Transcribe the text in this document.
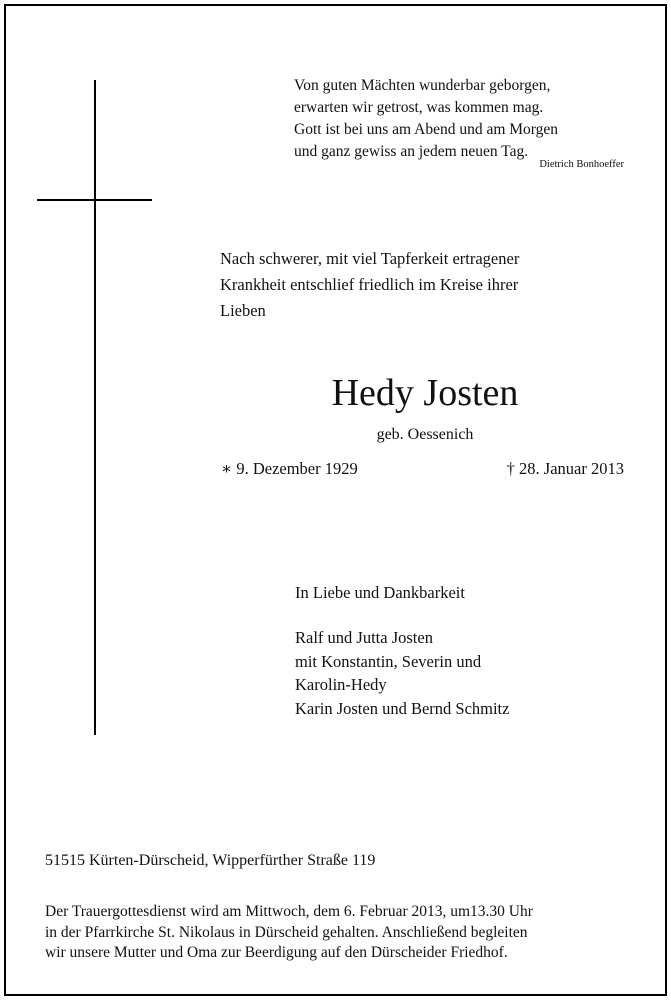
Von guten Mächten wunderbar geborgen,
erwarten wir getrost, was kommen mag.
Gott ist bei uns am Abend und am Morgen
und ganz gewiss an jedem neuen Tag.
Dietrich Bonhoeffer
Nach schwerer, mit viel Tapferkeit ertragener
Krankheit entschlief friedlich im Kreise ihrer
Lieben
Hedy Josten
geb. Oessenich
∗ 9. Dezember 1929	† 28. Januar 2013
In Liebe und Dankbarkeit
Ralf und Jutta Josten
mit Konstantin, Severin und
Karolin-Hedy
Karin Josten und Bernd Schmitz
51515 Kürten-Dürscheid, Wipperfürther Straße 119
Der Trauergottesdienst wird am Mittwoch, dem 6. Februar 2013, um13.30 Uhr
in der Pfarrkirche St. Nikolaus in Dürscheid gehalten. Anschließend begleiten
wir unsere Mutter und Oma zur Beerdigung auf den Dürscheider Friedhof.
